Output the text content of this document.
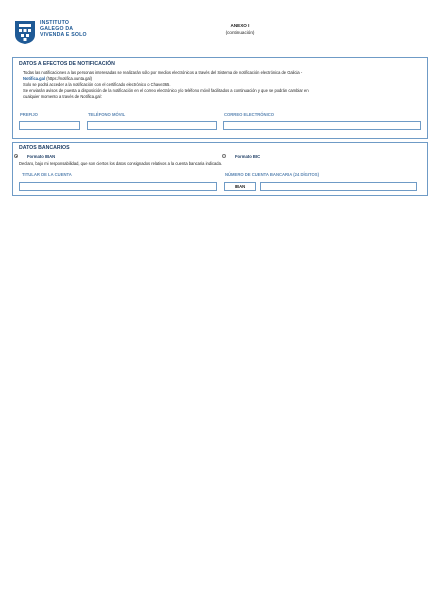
INSTITUTO
GALEGO DA
VIVENDA E SOLO
ANEXO I
(continuación)
DATOS A EFECTOS DE NOTIFICACIÓN
Todas las notificaciones a las personas interesadas se realizarán sólo por medios electrónicos a través del Sistema de notificación electrónica de Galicia -
Notifica.gal (https://notifica.xunta.gal)
Solo se podrá acceder a la notificación con el certificado electrónico o Chave365.
Se enviarán avisos de puesta a disposición de la notificación en el correo electrónico y/o teléfono móvil facilitados a continuación y que se podrán cambiar en
cualquier momento a través de Notifica.gal:
PREFIJO	TELÉFONO MÓVIL	CORREO ELECTRÓNICO
DATOS BANCARIOS
Formato IBAN	Formato BIC
Declaro, bajo mi responsabilidad, que son ciertos los datos consignados relativos a la cuenta bancaria indicada.
TITULAR DE LA CUENTA	NÚMERO DE CUENTA BANCARIA (24 DÍGITOS)
IBAN
